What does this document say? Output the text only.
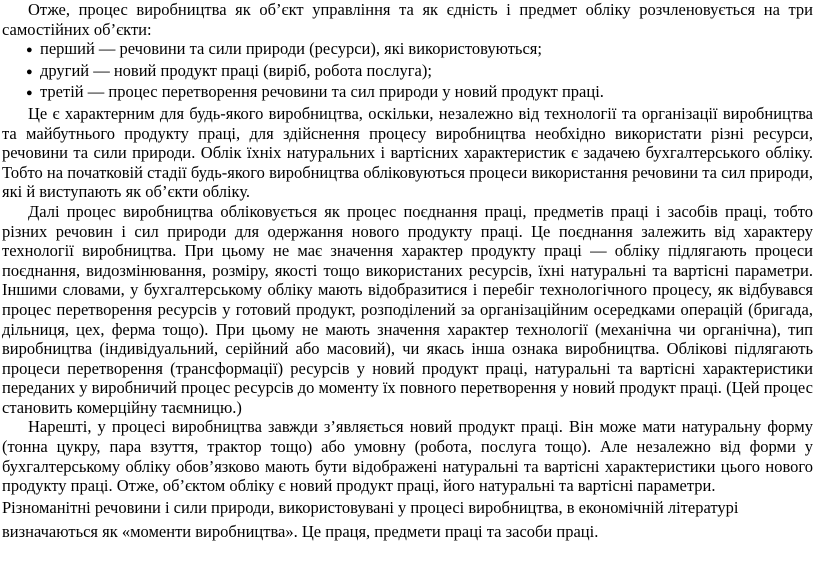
Отже, процес виробництва як об’єкт управління та як єдність і предмет обліку розчленовується на три самостійних об’єкти:

● перший — речовини та сили природи (ресурси), які використовуються;
● другий — новий продукт праці (виріб, робота послуга);
● третій — процес перетворення речовини та сил природи у новий продукт праці.

Це є характерним для будь-якого виробництва, оскільки, незалежно від технології та організації виробництва та майбутнього продукту праці, для здійснення процесу виробництва необхідно використати різні ресурси, речовини та сили природи. Облік їхніх натуральних і вартісних характеристик є задачею бухгалтерського обліку. Тобто на початковій стадії будь-якого виробництва обліковуються процеси використання речовини та сил природи, які й виступають як об’єкти обліку.

Далі процес виробництва обліковується як процес поєднання праці, предметів праці і засобів праці, тобто різних речовин і сил природи для одержання нового продукту праці. Це поєднання залежить від характеру технології виробництва. При цьому не має значення характер продукту праці — обліку підлягають процеси поєднання, видозмінювання, розміру, якості тощо використаних ресурсів, їхні натуральні та вартісні параметри. Іншими словами, у бухгалтерському обліку мають відобразитися і перебіг технологічного процесу, як відбувався процес перетворення ресурсів у готовий продукт, розподілений за організаційним осередками операцій (бригада, дільниця, цех, ферма тощо). При цьому не мають значення характер технології (механічна чи органічна), тип виробництва (індивідуальний, серійний або масовий), чи якась інша ознака виробництва. Облікові підлягають процеси перетворення (трансформації) ресурсів у новий продукт праці, натуральні та вартісні характеристики переданих у виробничий процес ресурсів до моменту їх повного перетворення у новий продукт праці. (Цей процес становить комерційну таємницю.)

Нарешті, у процесі виробництва завжди з’являється новий продукт праці. Він може мати натуральну форму (тонна цукру, пара взуття, трактор тощо) або умовну (робота, послуга тощо). Але незалежно від форми у бухгалтерському обліку обов’язково мають бути відображені натуральні та вартісні характеристики цього нового продукту праці. Отже, об’єктом обліку є новий продукт праці, його натуральні та вартісні параметри.

Різноманітні речовини і сили природи, використовувані у процесі виробництва, в економічній літературі визначаються як «моменти виробництва». Це праця, предмети праці та засоби праці.
